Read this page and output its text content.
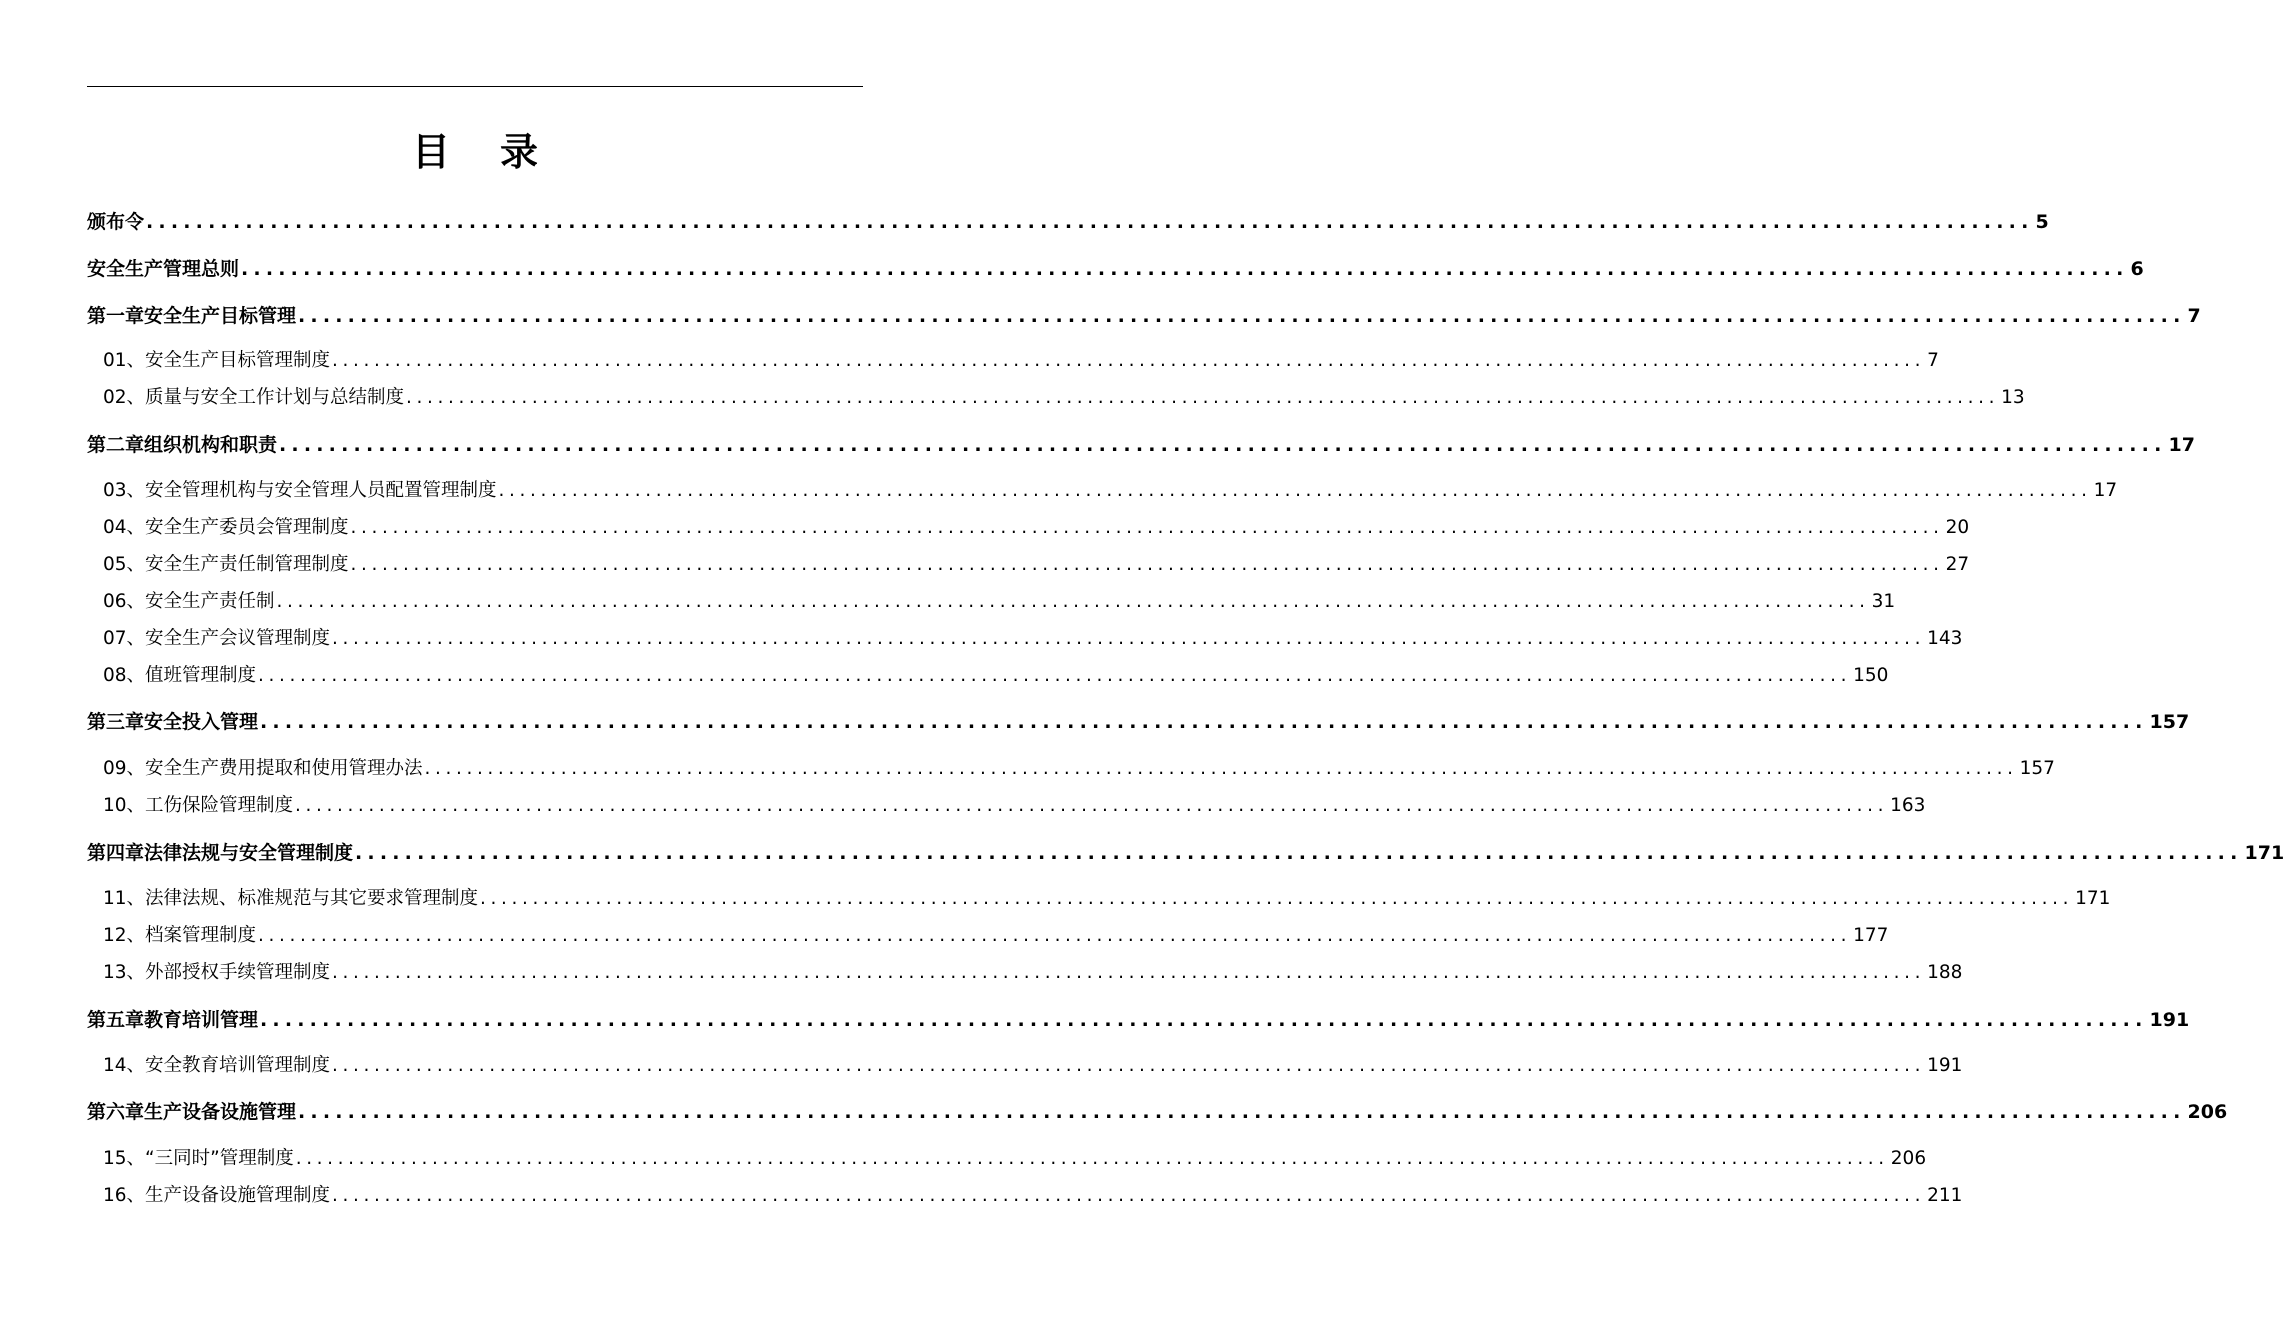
目录
颁布令 ........................................................................................................................................................ 5
安全生产管理总则 ........................................................................................................................................................ 6
第一章安全生产目标管理 ........................................................................................................................................................ 7
01、安全生产目标管理制度 ........................................................................................................................................................ 7
02、质量与安全工作计划与总结制度 ........................................................................................................................................................ 13
第二章组织机构和职责 ........................................................................................................................................................ 17
03、安全管理机构与安全管理人员配置管理制度 ........................................................................................................................................................ 17
04、安全生产委员会管理制度 ........................................................................................................................................................ 20
05、安全生产责任制管理制度 ........................................................................................................................................................ 27
06、安全生产责任制 ........................................................................................................................................................ 31
07、安全生产会议管理制度 ........................................................................................................................................................ 143
08、值班管理制度 ........................................................................................................................................................ 150
第三章安全投入管理 ........................................................................................................................................................ 157
09、安全生产费用提取和使用管理办法 ........................................................................................................................................................ 157
10、工伤保险管理制度 ........................................................................................................................................................ 163
第四章法律法规与安全管理制度 ........................................................................................................................................................ 171
11、法律法规、标准规范与其它要求管理制度 ........................................................................................................................................................ 171
12、档案管理制度 ........................................................................................................................................................ 177
13、外部授权手续管理制度 ........................................................................................................................................................ 188
第五章教育培训管理 ........................................................................................................................................................ 191
14、安全教育培训管理制度 ........................................................................................................................................................ 191
第六章生产设备设施管理 ........................................................................................................................................................ 206
15、“三同时”管理制度 ........................................................................................................................................................ 206
16、生产设备设施管理制度 ........................................................................................................................................................ 211
